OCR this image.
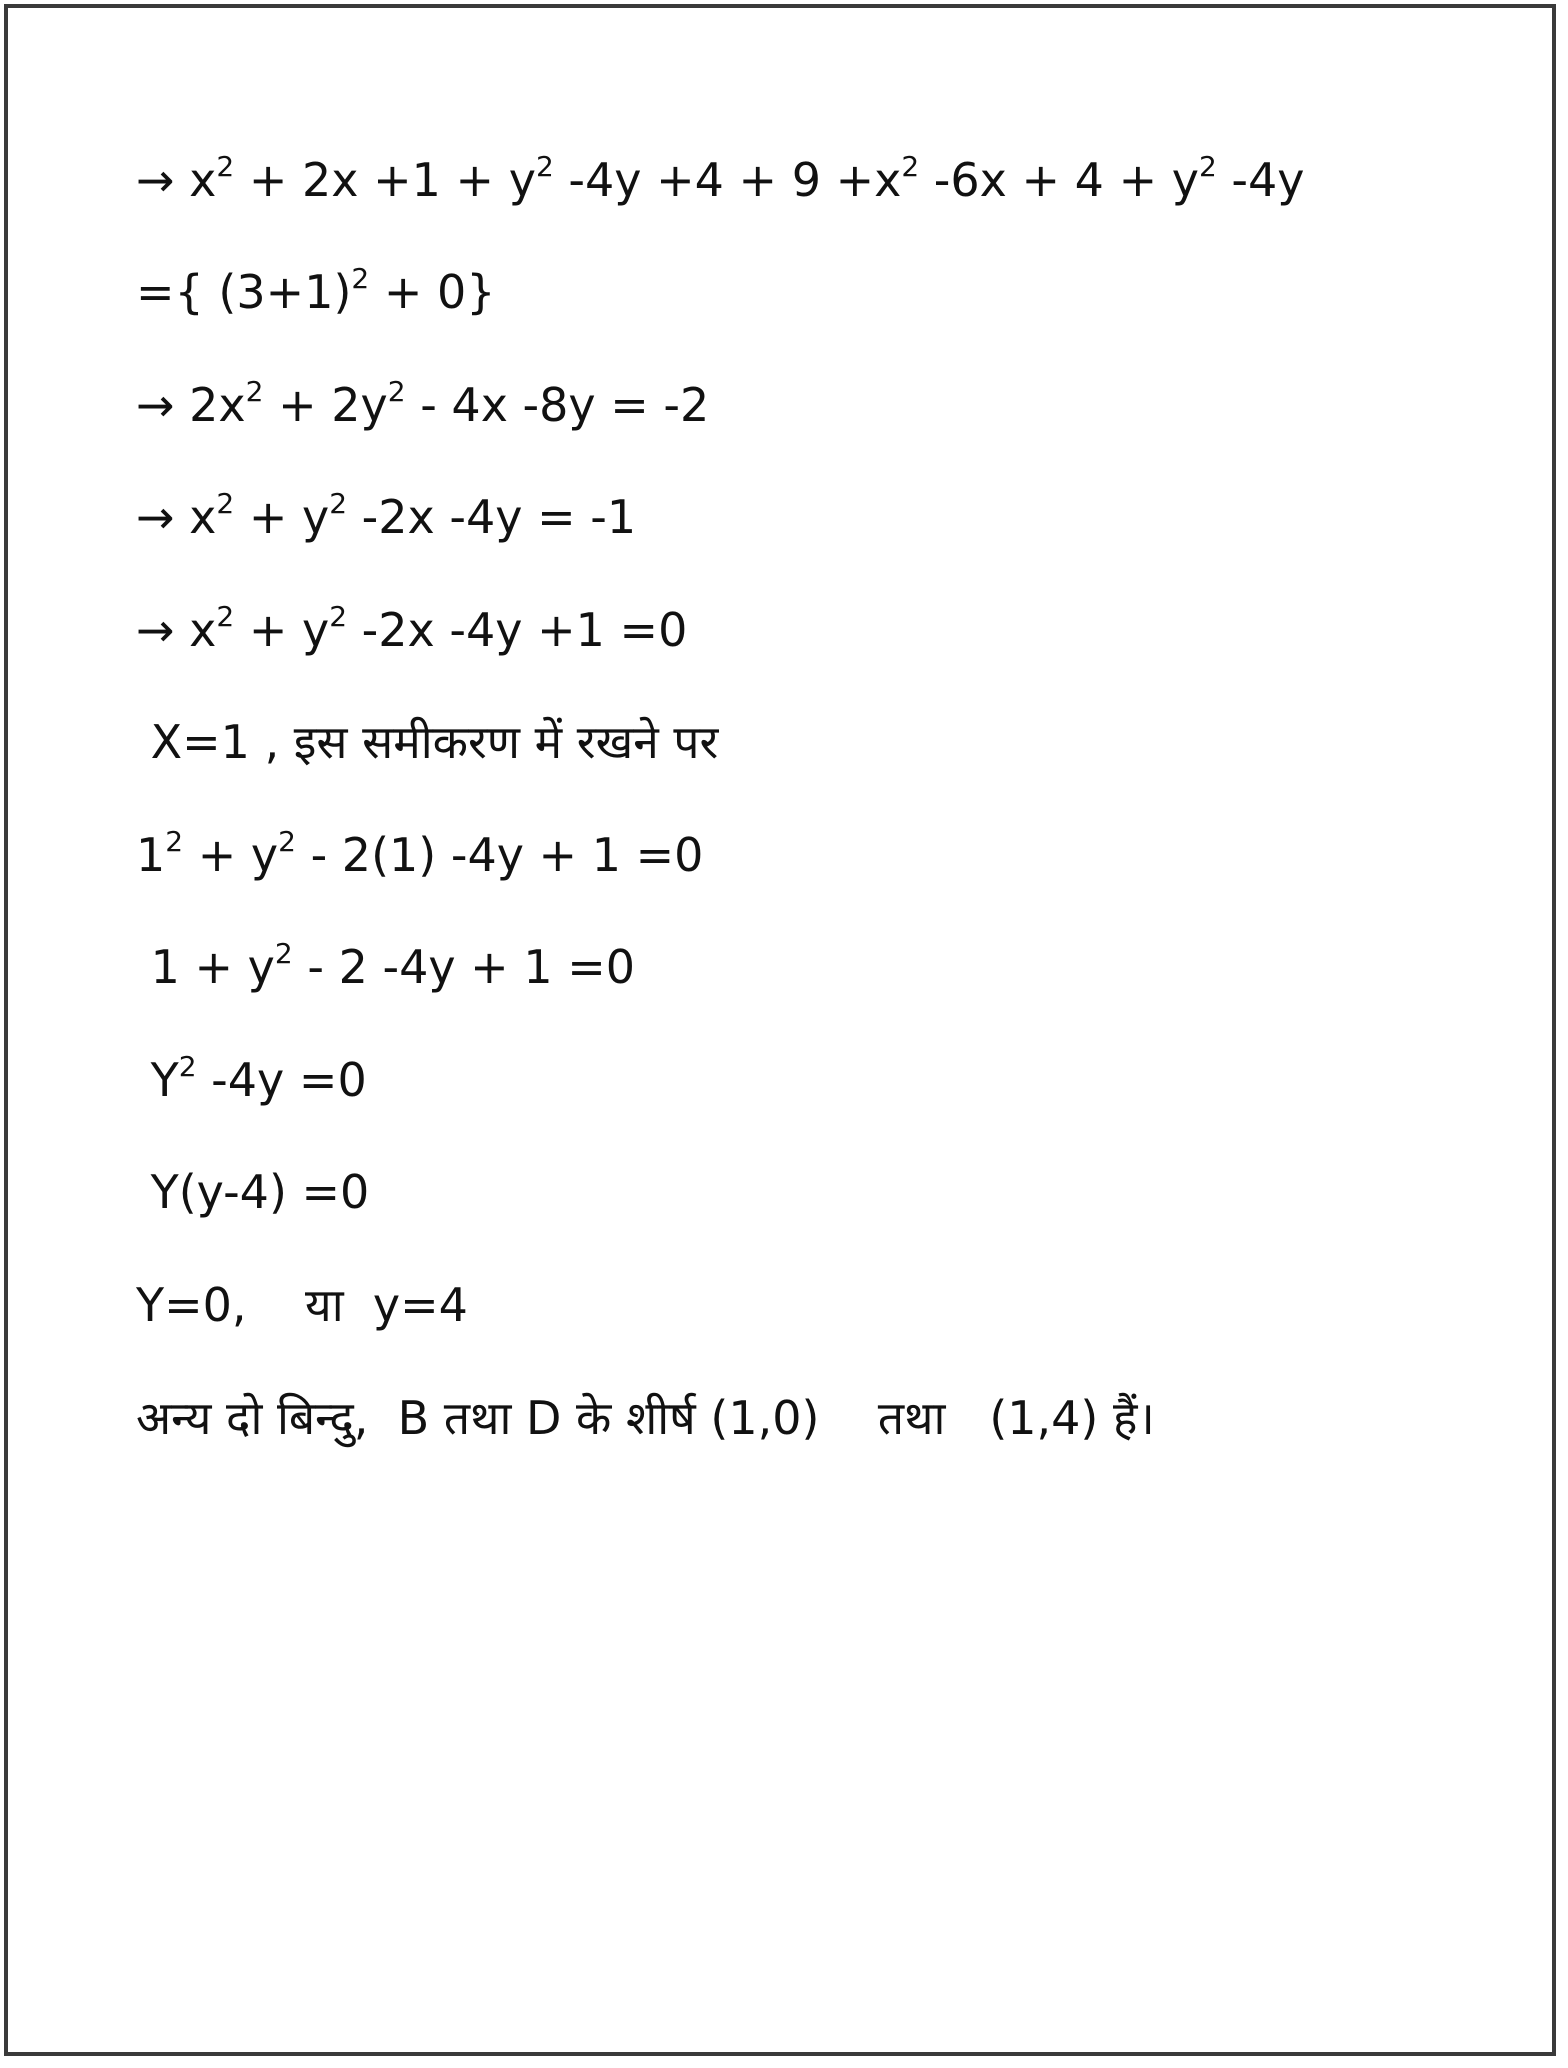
→ $x^2 + 2x +1 + y^2$ $-4y +4 + 9 +x^2$ $-6x + 4 + y^2$ -4y
={ $(3+1)^2 + 0$}
→ $2x^2 + 2y^2 - 4x$ -8y = -2
→ $x^2 + y^2$ -2x -4y = -1
→ $x^2 + y^2$ -2x -4y +1 =0
X=1 , इस समीकरण में रखने पर
$1^2 + y^2 - 2(1) -4y + 1 =0$
$1 + y^2 - 2$ -4y + 1 =0
$Y^2$ -4y =0
Y(y-4) =0
Y=0,    या  y=4
अन्य दो बिन्दु,  B तथा D के शीर्ष (1,0)    तथा   (1,4) हैं।
